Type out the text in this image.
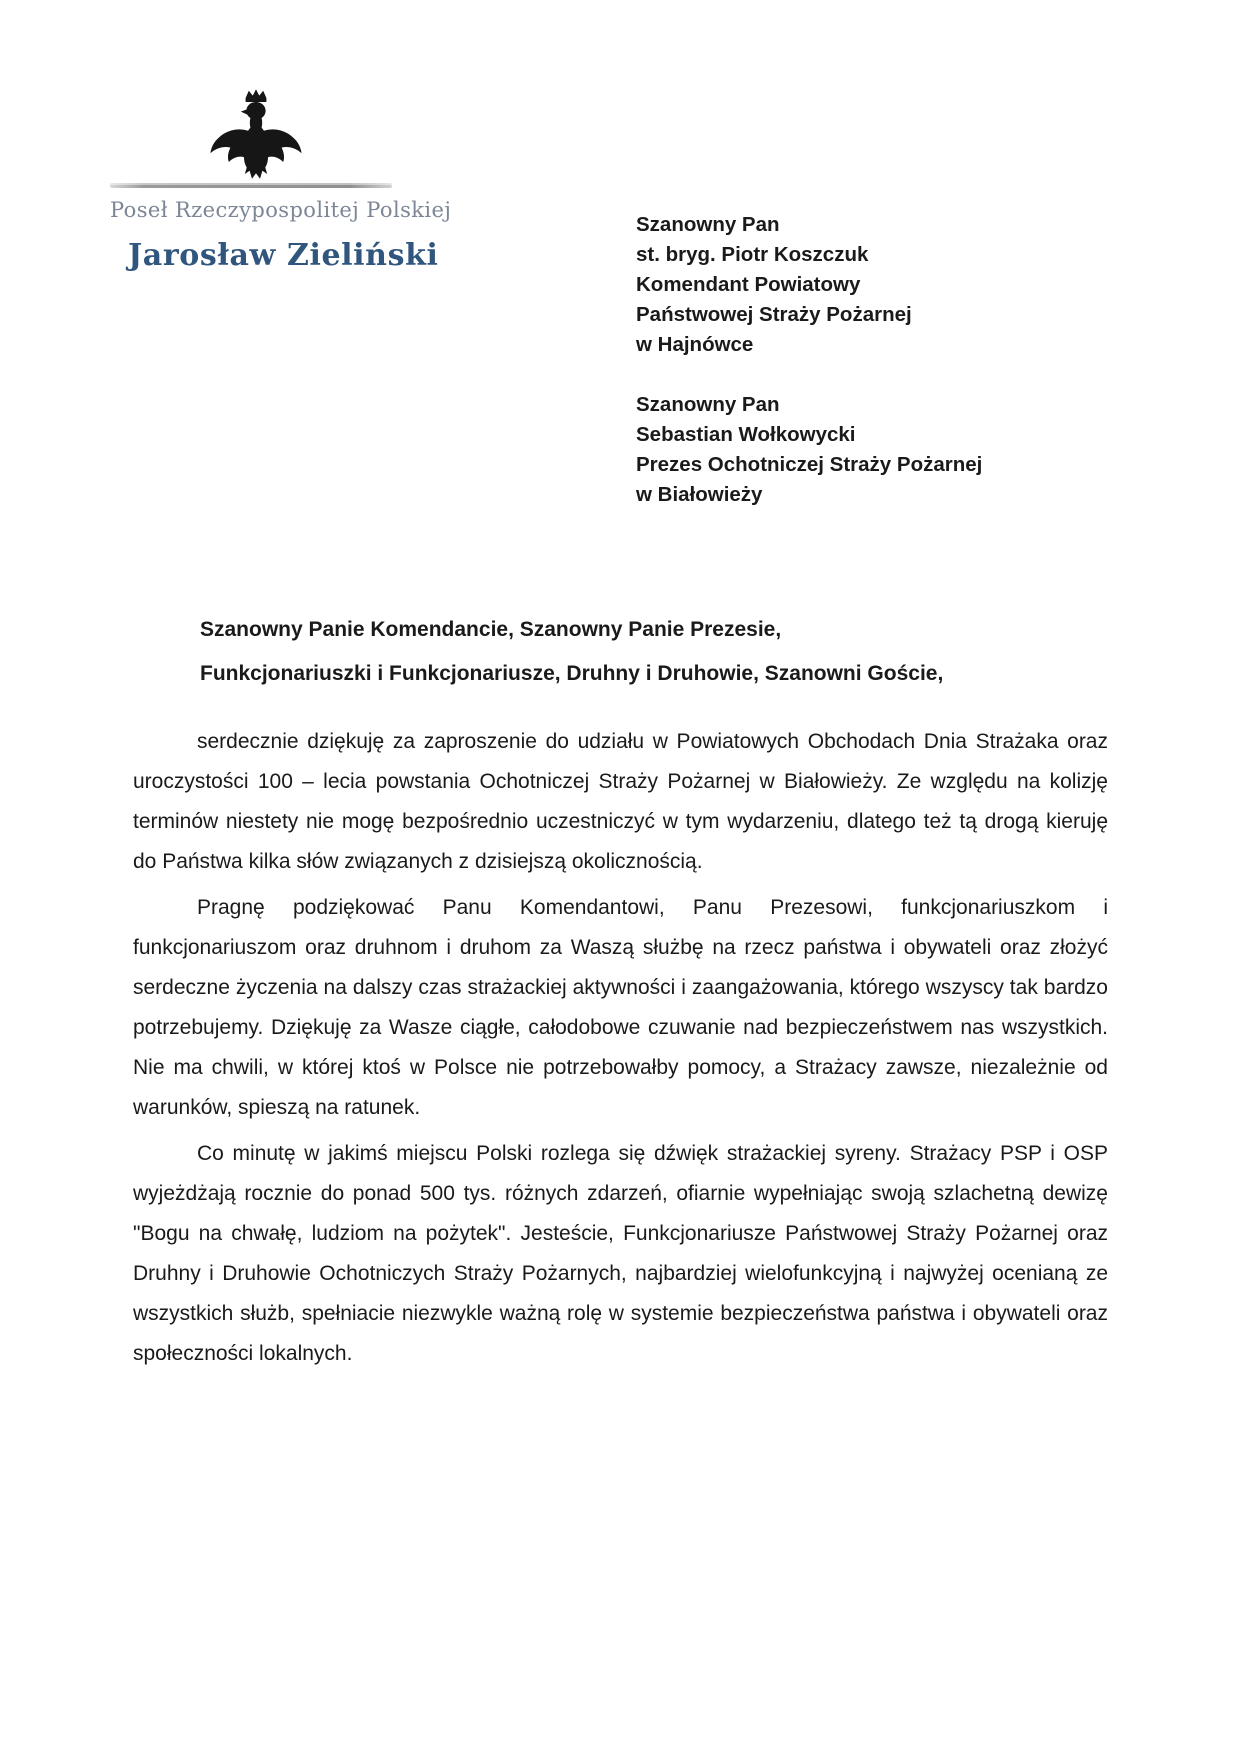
Poseł Rzeczypospolitej Polskiej
Jarosław Zieliński
Szanowny Pan
st. bryg. Piotr Koszczuk
Komendant Powiatowy
Państwowej Straży Pożarnej
w Hajnówce
Szanowny Pan
Sebastian Wołkowycki
Prezes Ochotniczej Straży Pożarnej
w Białowieży
Szanowny Panie Komendancie, Szanowny Panie Prezesie,
Funkcjonariuszki i Funkcjonariusze, Druhny i Druhowie, Szanowni Goście,

serdecznie dziękuję za zaproszenie do udziału w Powiatowych Obchodach Dnia Strażaka oraz uroczystości 100 – lecia powstania Ochotniczej Straży Pożarnej w Białowieży. Ze względu na kolizję terminów niestety nie mogę bezpośrednio uczestniczyć w tym wydarzeniu, dlatego też tą drogą kieruję do Państwa kilka słów związanych z dzisiejszą okolicznością.

Pragnę podziękować Panu Komendantowi, Panu Prezesowi, funkcjonariuszkom i funkcjonariuszom oraz druhnom i druhom za Waszą służbę na rzecz państwa i obywateli oraz złożyć serdeczne życzenia na dalszy czas strażackiej aktywności i zaangażowania, którego wszyscy tak bardzo potrzebujemy. Dziękuję za Wasze ciągłe, całodobowe czuwanie nad bezpieczeństwem nas wszystkich. Nie ma chwili, w której ktoś w Polsce nie potrzebowałby pomocy, a Strażacy zawsze, niezależnie od warunków, spieszą na ratunek.

Co minutę w jakimś miejscu Polski rozlega się dźwięk strażackiej syreny. Strażacy PSP i OSP wyjeżdżają rocznie do ponad 500 tys. różnych zdarzeń, ofiarnie wypełniając swoją szlachetną dewizę "Bogu na chwałę, ludziom na pożytek". Jesteście, Funkcjonariusze Państwowej Straży Pożarnej oraz Druhny i Druhowie Ochotniczych Straży Pożarnych, najbardziej wielofunkcyjną i najwyżej ocenianą ze wszystkich służb, spełniacie niezwykle ważną rolę w systemie bezpieczeństwa państwa i obywateli oraz społeczności lokalnych.
